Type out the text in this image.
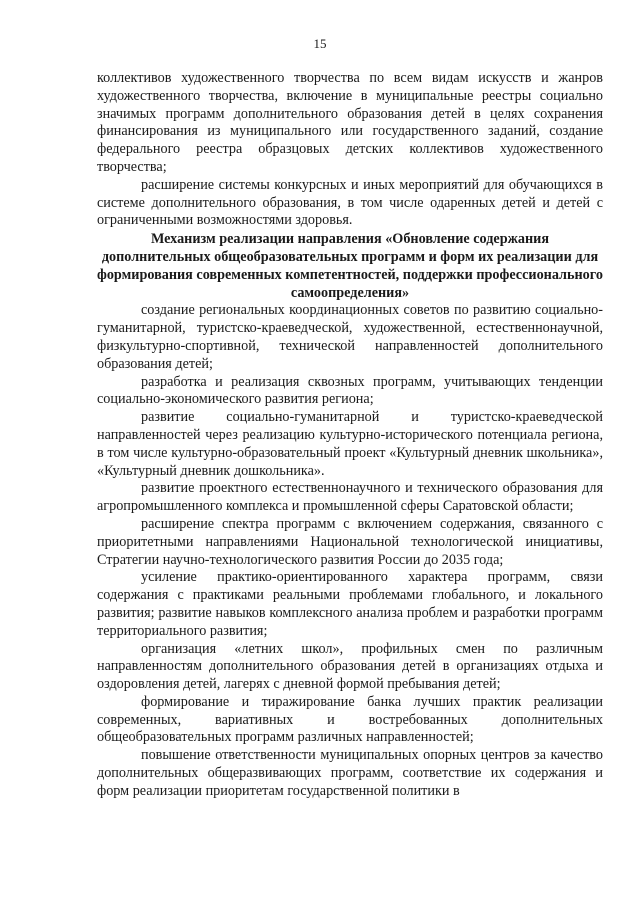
15

коллективов художественного творчества по всем видам искусств и жанров художественного творчества, включение в муниципальные реестры социально значимых программ дополнительного образования детей в целях сохранения финансирования из муниципального или государственного заданий, создание федерального реестра образцовых детских коллективов художественного творчества;

расширение системы конкурсных и иных мероприятий для обучающихся в системе дополнительного образования, в том числе одаренных детей и детей с ограниченными возможностями здоровья.

Механизм реализации направления «Обновление содержания дополнительных общеобразовательных программ и форм их реализации для формирования современных компетентностей, поддержки профессионального самоопределения»

создание региональных координационных советов по развитию социально-гуманитарной, туристско-краеведческой, художественной, естественнонаучной, физкультурно-спортивной, технической направленностей дополнительного образования детей;

разработка и реализация сквозных программ, учитывающих тенденции социально-экономического развития региона;

развитие социально-гуманитарной и туристско-краеведческой направленностей через реализацию культурно-исторического потенциала региона, в том числе культурно-образовательный проект «Культурный дневник школьника», «Культурный дневник дошкольника».

развитие проектного естественнонаучного и технического образования для агропромышленного комплекса и промышленной сферы Саратовской области;

расширение спектра программ с включением содержания, связанного с приоритетными направлениями Национальной технологической инициативы, Стратегии научно-технологического развития России до 2035 года;

усиление практико-ориентированного характера программ, связи содержания с практиками реальными проблемами глобального, и локального развития; развитие навыков комплексного анализа проблем и разработки программ территориального развития;

организация «летних школ», профильных смен по различным направленностям дополнительного образования детей в организациях отдыха и оздоровления детей, лагерях с дневной формой пребывания детей;

формирование и тиражирование банка лучших практик реализации современных, вариативных и востребованных дополнительных общеобразовательных программ различных направленностей;

повышение ответственности муниципальных опорных центров за качество дополнительных общеразвивающих программ, соответствие их содержания и форм реализации приоритетам государственной политики в
